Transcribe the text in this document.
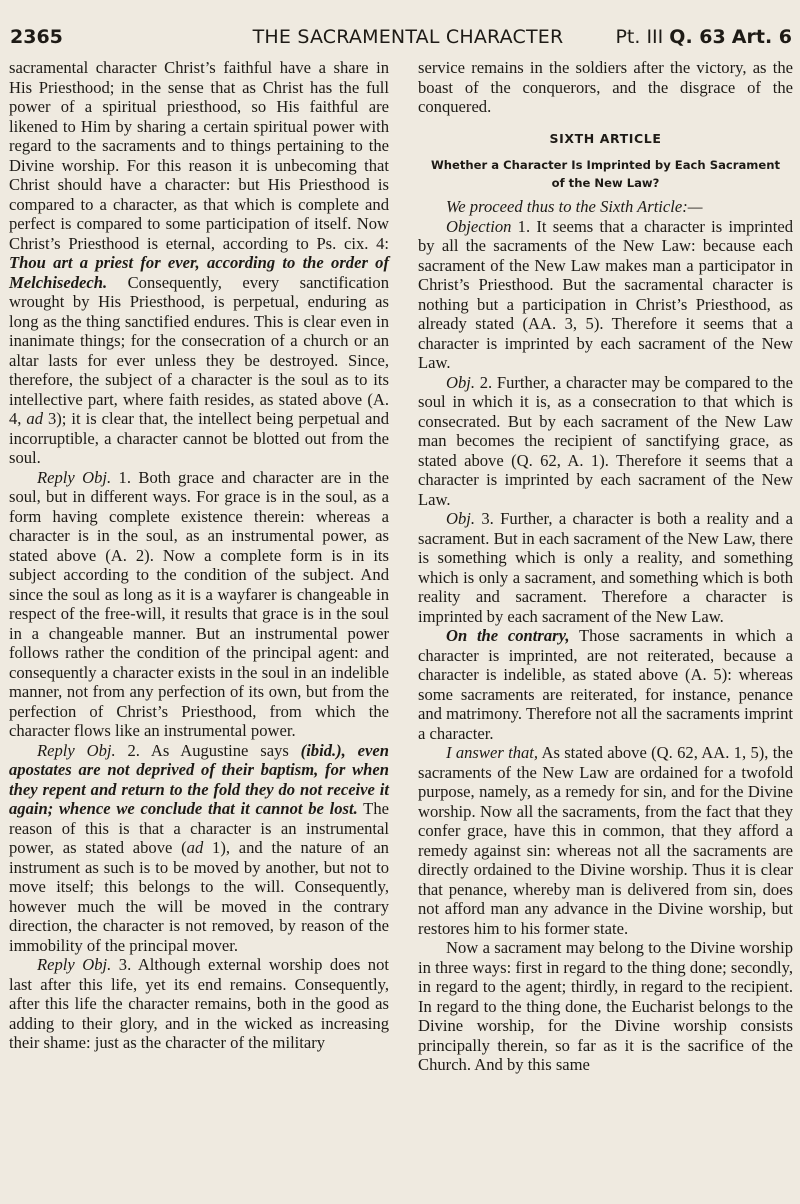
2365	THE SACRAMENTAL CHARACTER	Pt. III Q. 63 Art. 6

sacramental character Christ’s faithful have a share in His Priesthood; in the sense that as Christ has the full power of a spiritual priesthood, so His faithful are likened to Him by sharing a certain spiritual power with regard to the sacraments and to things pertaining to the Divine worship. For this reason it is unbecoming that Christ should have a character: but His Priesthood is compared to a character, as that which is complete and perfect is compared to some participation of itself. Now Christ’s Priesthood is eternal, according to Ps. cix. 4: Thou art a priest for ever, according to the order of Melchisedech. Consequently, every sanctification wrought by His Priesthood, is perpetual, enduring as long as the thing sanctified endures. This is clear even in inanimate things; for the consecration of a church or an altar lasts for ever unless they be destroyed. Since, therefore, the subject of a character is the soul as to its intellective part, where faith resides, as stated above (A. 4, ad 3); it is clear that, the intellect being perpetual and incorruptible, a character cannot be blotted out from the soul.

Reply Obj. 1. Both grace and character are in the soul, but in different ways. For grace is in the soul, as a form having complete existence therein: whereas a character is in the soul, as an instrumental power, as stated above (A. 2). Now a complete form is in its subject according to the condition of the subject. And since the soul as long as it is a wayfarer is changeable in respect of the free-will, it results that grace is in the soul in a changeable manner. But an instrumental power follows rather the condition of the principal agent: and consequently a character exists in the soul in an indelible manner, not from any perfection of its own, but from the perfection of Christ’s Priesthood, from which the character flows like an instrumental power.

Reply Obj. 2. As Augustine says (ibid.), even apostates are not deprived of their baptism, for when they repent and return to the fold they do not receive it again; whence we conclude that it cannot be lost. The reason of this is that a character is an instrumental power, as stated above (ad 1), and the nature of an instrument as such is to be moved by another, but not to move itself; this belongs to the will. Consequently, however much the will be moved in the contrary direction, the character is not removed, by reason of the immobility of the principal mover.

Reply Obj. 3. Although external worship does not last after this life, yet its end remains. Consequently, after this life the character remains, both in the good as adding to their glory, and in the wicked as increasing their shame: just as the character of the military

service remains in the soldiers after the victory, as the boast of the conquerors, and the disgrace of the conquered.

SIXTH ARTICLE
Whether a Character Is Imprinted by Each Sacrament of the New Law?

We proceed thus to the Sixth Article:—

Objection 1. It seems that a character is imprinted by all the sacraments of the New Law: because each sacrament of the New Law makes man a participator in Christ’s Priesthood. But the sacramental character is nothing but a participation in Christ’s Priesthood, as already stated (AA. 3, 5). Therefore it seems that a character is imprinted by each sacrament of the New Law.

Obj. 2. Further, a character may be compared to the soul in which it is, as a consecration to that which is consecrated. But by each sacrament of the New Law man becomes the recipient of sanctifying grace, as stated above (Q. 62, A. 1). Therefore it seems that a character is imprinted by each sacrament of the New Law.

Obj. 3. Further, a character is both a reality and a sacrament. But in each sacrament of the New Law, there is something which is only a reality, and something which is only a sacrament, and something which is both reality and sacrament. Therefore a character is imprinted by each sacrament of the New Law.

On the contrary, Those sacraments in which a character is imprinted, are not reiterated, because a character is indelible, as stated above (A. 5): whereas some sacraments are reiterated, for instance, penance and matrimony. Therefore not all the sacraments imprint a character.

I answer that, As stated above (Q. 62, AA. 1, 5), the sacraments of the New Law are ordained for a twofold purpose, namely, as a remedy for sin, and for the Divine worship. Now all the sacraments, from the fact that they confer grace, have this in common, that they afford a remedy against sin: whereas not all the sacraments are directly ordained to the Divine worship. Thus it is clear that penance, whereby man is delivered from sin, does not afford man any advance in the Divine worship, but restores him to his former state.

Now a sacrament may belong to the Divine worship in three ways: first in regard to the thing done; secondly, in regard to the agent; thirdly, in regard to the recipient. In regard to the thing done, the Eucharist belongs to the Divine worship, for the Divine worship consists principally therein, so far as it is the sacrifice of the Church. And by this same
